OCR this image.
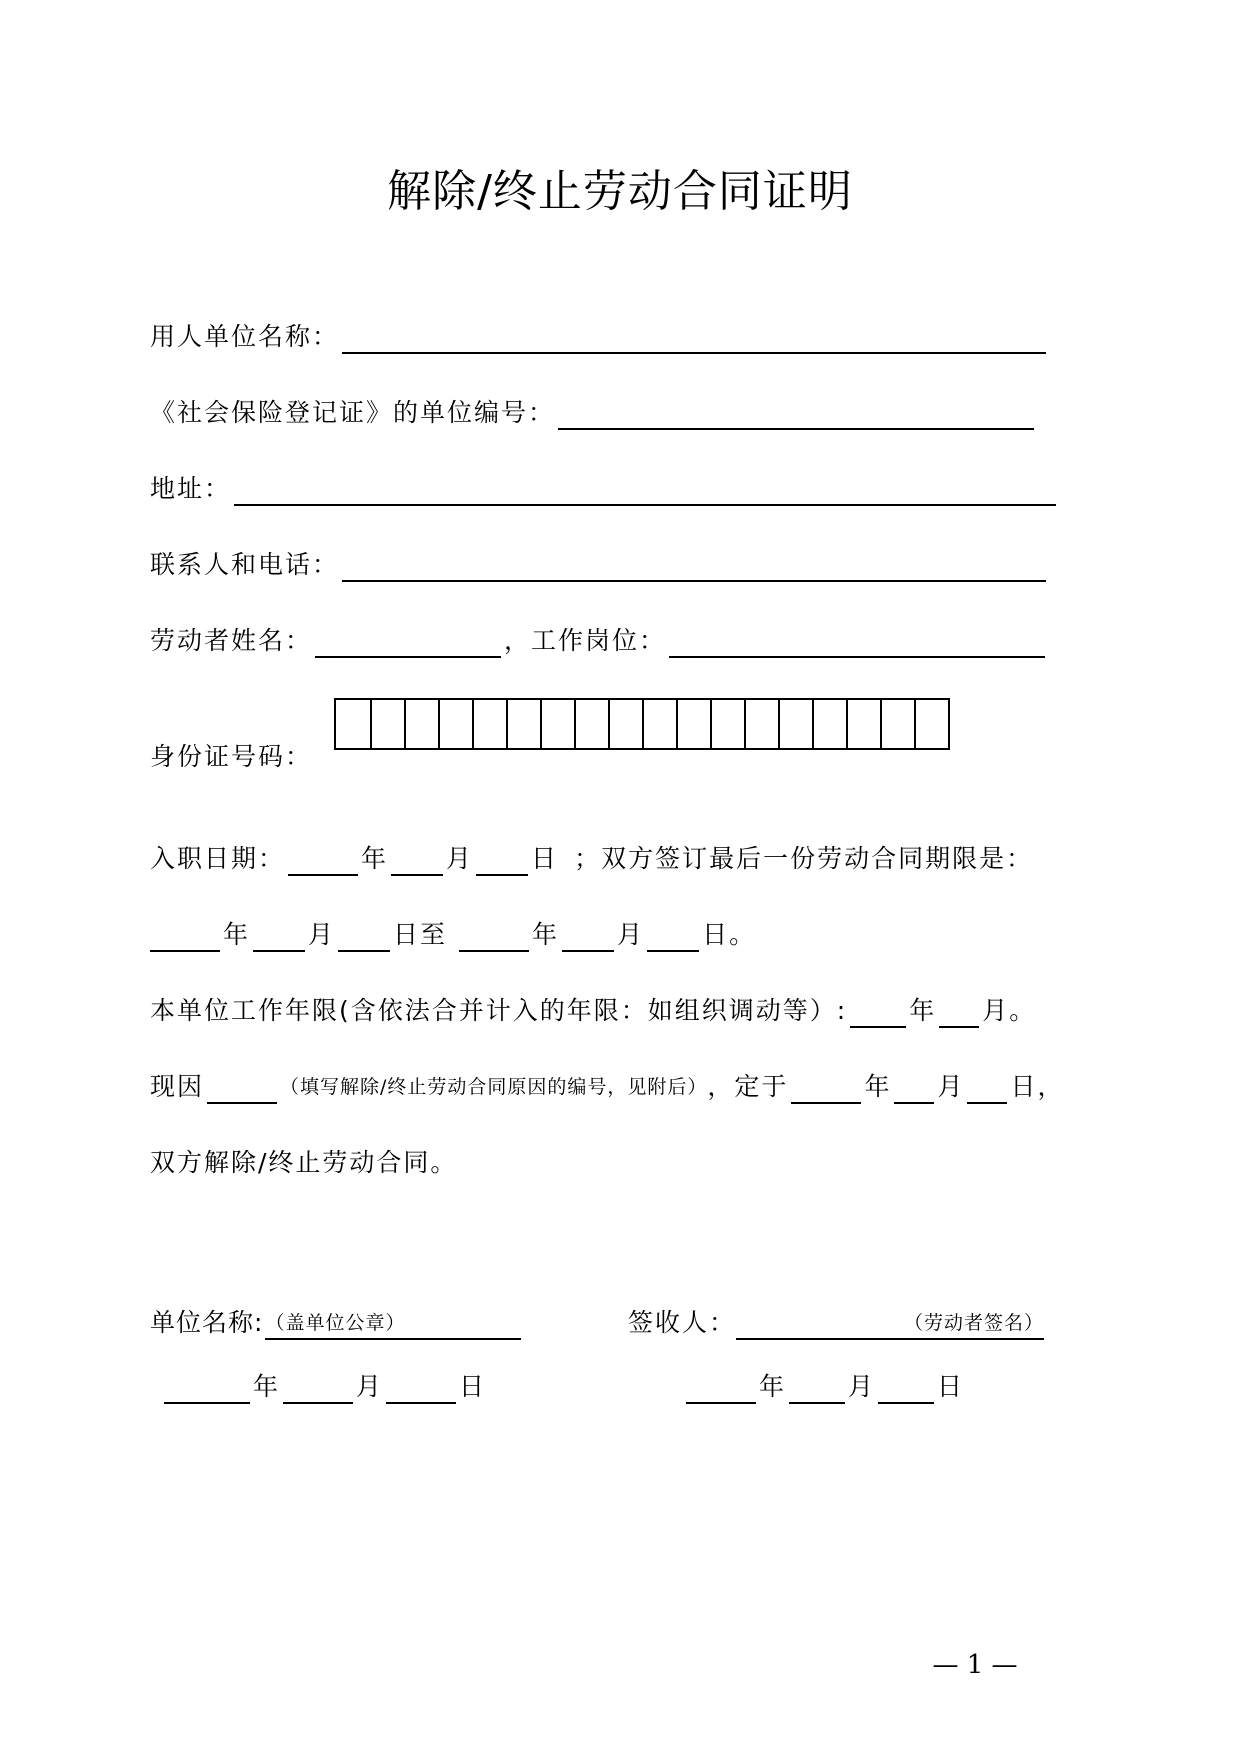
解除/终止劳动合同证明
用人单位名称：
《社会保险登记证》的单位编号：
地址：
联系人和电话：
劳动者姓名：	，工作岗位：
身份证号码：
入职日期：	年 月 日 ；双方签订最后一份劳动合同期限是：
年 月 日至	年 月 日。
本单位工作年限(含依法合并计入的年限：如组织调动等）: 年 月。
现因	（填写解除/终止劳动合同原因的编号，见附后），定于	年 月 日，
双方解除/终止劳动合同。
单位名称: （盖单位公章）	签收人：	（劳动者签名）
年	月	日	年 月 日
— 1 —
